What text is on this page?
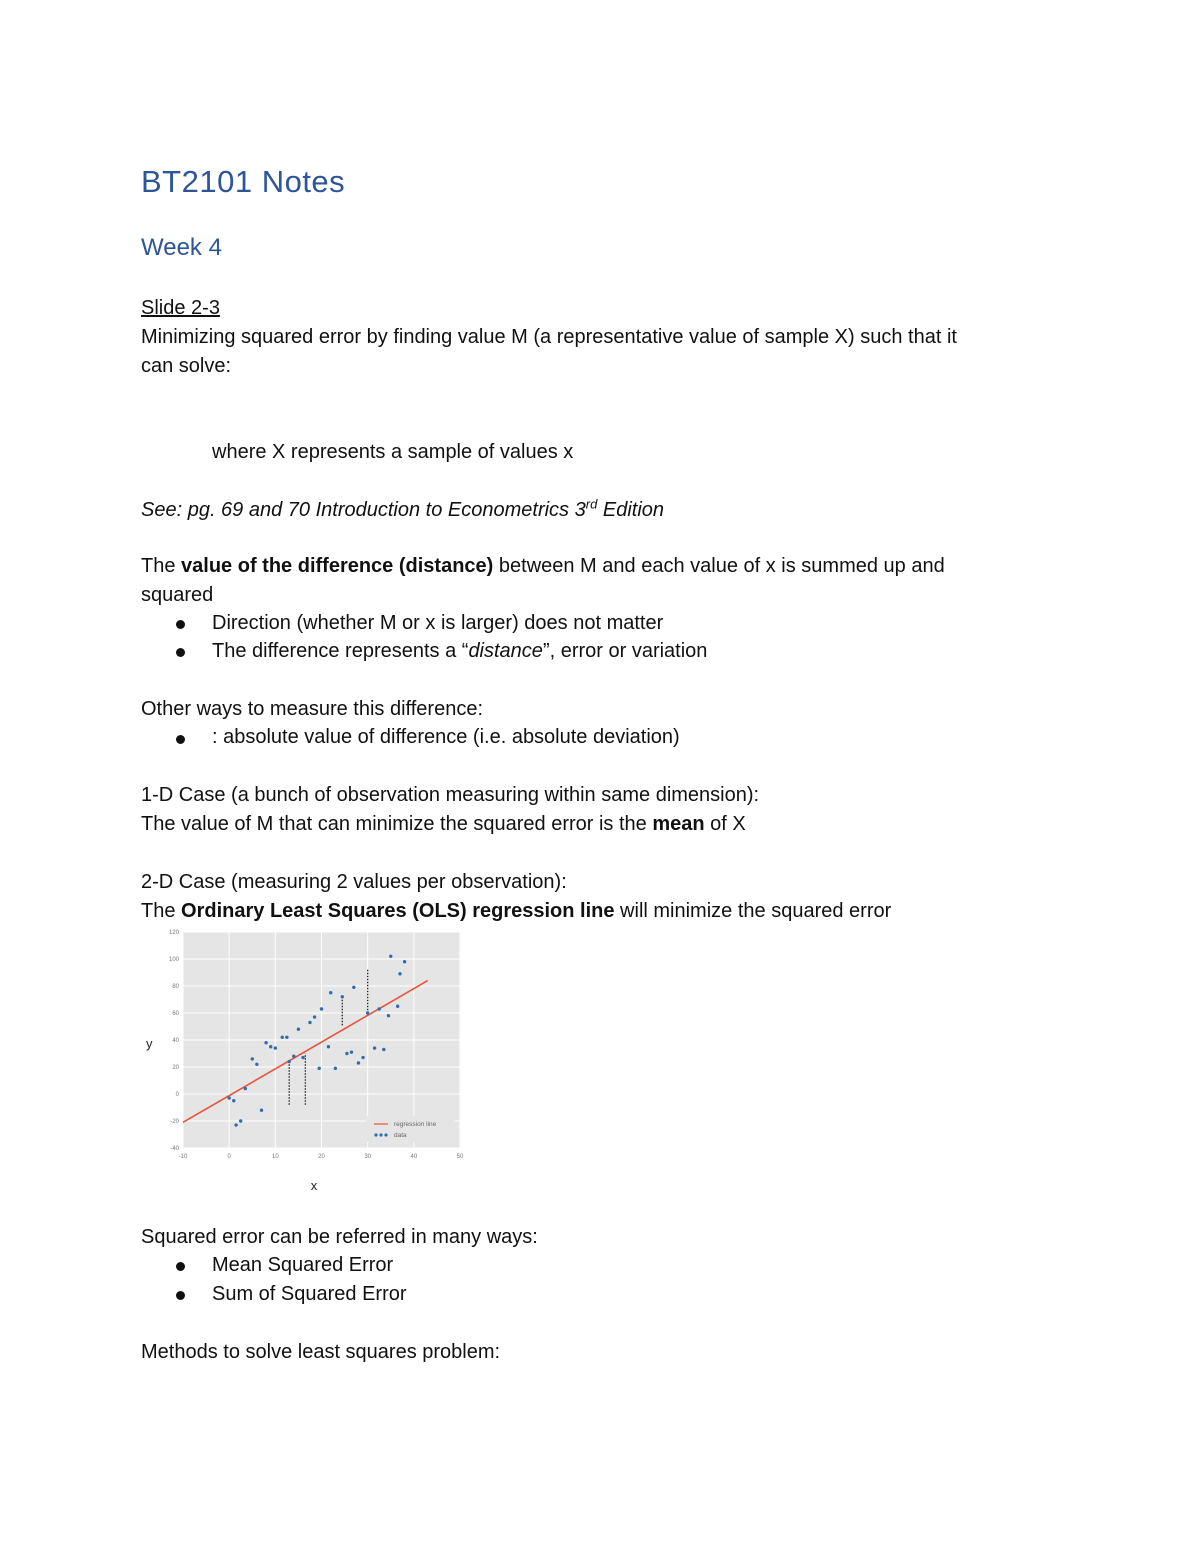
BT2101 Notes
Week 4
Slide 2-3
Minimizing squared error by finding value M (a representative value of sample X) such that it
can solve:
where X represents a sample of values x
See: pg. 69 and 70 Introduction to Econometrics 3rd Edition
The value of the difference (distance) between M and each value of x is summed up and
squared
Direction (whether M or x is larger) does not matter
The difference represents a “distance”, error or variation
Other ways to measure this difference:
: absolute value of difference (i.e. absolute deviation)
1-D Case (a bunch of observation measuring within same dimension):
The value of M that can minimize the squared error is the mean of X
2-D Case (measuring 2 values per observation):
The Ordinary Least Squares (OLS) regression line will minimize the squared error
-10	0	10	20	30	40	50
-40
-20
0
20
40
60
80
100
120
regression line
data
y
x
Squared error can be referred in many ways:
Mean Squared Error
Sum of Squared Error
Methods to solve least squares problem:
